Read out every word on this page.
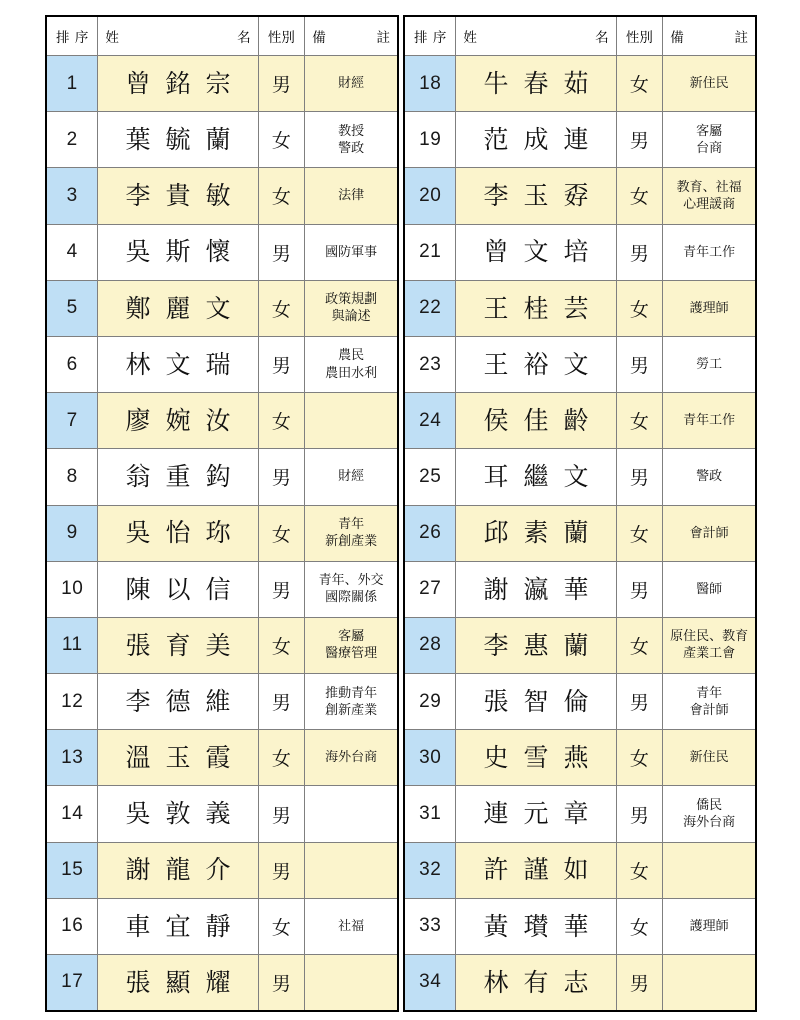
排 序	姓 名	性別	備 註

1	曾 銘 宗	男	財經

2	葉 毓 蘭	女	教授
警政

3	李 貴 敏	女	法律

4	吳 斯 懷	男	國防軍事

5	鄭 麗 文	女	政策規劃
與論述

6	林 文 瑞	男	農民
農田水利

7	廖 婉 汝	女	
8	翁 重 鈎	男	財經

9	吳 怡 珎	女	青年
新創產業

10	陳 以 信	男	青年、外交
國際關係

11	張 育 美	女	客屬
醫療管理

12	李 德 維	男	推動青年
創新產業

13	溫 玉 霞	女	海外台商

14	吳 敦 義	男	
15	謝 龍 介	男	
16	車 宜 靜	女	社福

17	張 顯 耀	男	
排 序	姓 名	性別	備 註

18	牛 春 茹	女	新住民

19	范 成 連	男	客屬
台商

20	李 玉 孬	女	教育、社福
心理諼商

21	曾 文 培	男	青年工作

22	王 桂 芸	女	護理師

23	王 裕 文	男	勞工

24	侯 佳 齡	女	青年工作

25	耳 繼 文	男	警政

26	邱 素 蘭	女	會計師

27	謝 瀛 華	男	醫師

28	李 惠 蘭	女	原住民、教育
產業工會

29	張 智 倫	男	青年
會計師

30	史 雪 燕	女	新住民

31	連 元 章	男	僑民
海外台商

32	許 謹 如	女	
33	黃 瓉 華	女	護理師

34	林 有 志	男	
